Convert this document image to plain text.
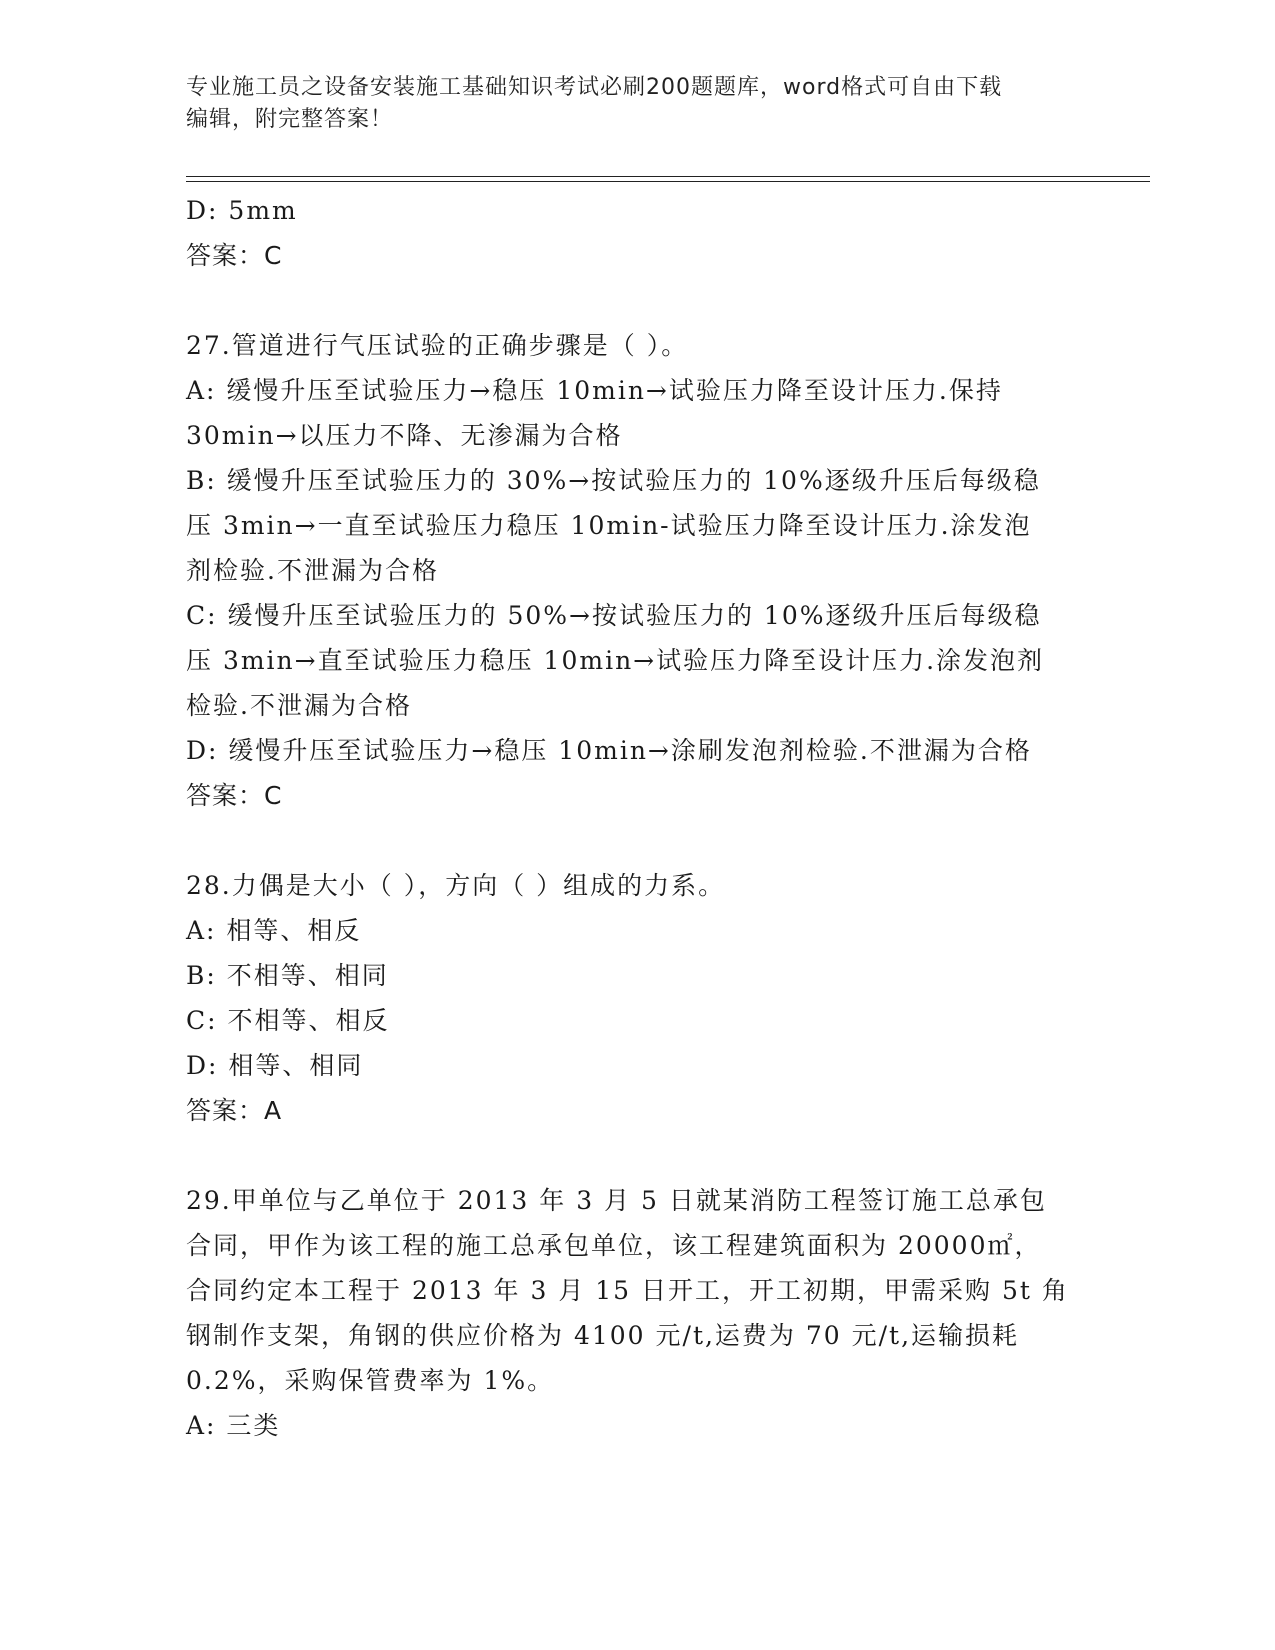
专业施工员之设备安装施工基础知识考试必刷200题题库，word格式可自由下载
编辑，附完整答案！
D: 5mm
答案：C
27.管道进行气压试验的正确步骤是（ ）。
A: 缓慢升压至试验压力→稳压 10min→试验压力降至设计压力.保持
30min→以压力不降、无渗漏为合格
B: 缓慢升压至试验压力的 30%→按试验压力的 10%逐级升压后每级稳
压 3min→一直至试验压力稳压 10min-试验压力降至设计压力.涂发泡
剂检验.不泄漏为合格
C: 缓慢升压至试验压力的 50%→按试验压力的 10%逐级升压后每级稳
压 3min→直至试验压力稳压 10min→试验压力降至设计压力.涂发泡剂
检验.不泄漏为合格
D: 缓慢升压至试验压力→稳压 10min→涂刷发泡剂检验.不泄漏为合格
答案：C
28.力偶是大小（ ），方向（ ）组成的力系。
A: 相等、相反
B: 不相等、相同
C: 不相等、相反
D: 相等、相同
答案：A
29.甲单位与乙单位于 2013 年 3 月 5 日就某消防工程签订施工总承包
合同，甲作为该工程的施工总承包单位，该工程建筑面积为 20000㎡，
合同约定本工程于 2013 年 3 月 15 日开工，开工初期，甲需采购 5t 角
钢制作支架，角钢的供应价格为 4100 元/t,运费为 70 元/t,运输损耗
0.2%，采购保管费率为 1%。
A: 三类
